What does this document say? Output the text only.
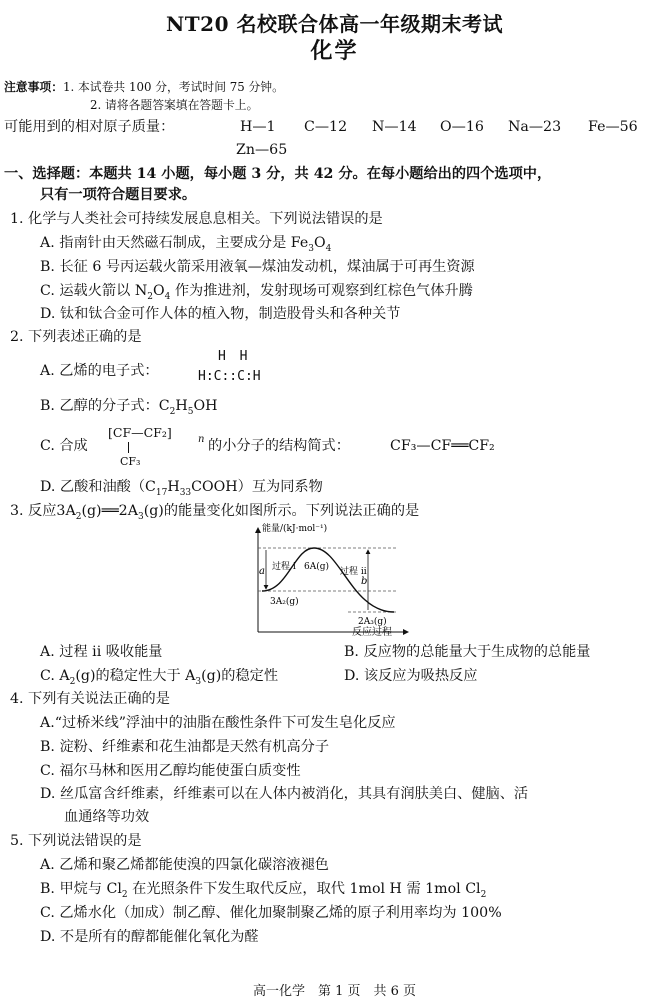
NT20 名校联合体高一年级期末考试
化学
注意事项：1. 本试卷共 100 分，考试时间 75 分钟。
2. 请将各题答案填在答题卡上。
可能用到的相对原子质量：	H—1 C—12 N—14 O—16 Na—23 Fe—56
Zn—65
一、选择题：本题共 14 小题，每小题 3 分，共 42 分。在每小题给出的四个选项中，
只有一项符合题目要求。
1. 化学与人类社会可持续发展息息相关。下列说法错误的是
A. 指南针由天然磁石制成，主要成分是 $Fe_3O_4$
B. 长征 6 号丙运载火箭采用液氧—煤油发动机，煤油属于可再生资源
C. 运载火箭以 $N_2O_4$ 作为推进剂，发射现场可观察到红棕色气体升腾
D. 钛和钛合金可作人体的植入物，制造股骨头和各种关节
2. 下列表述正确的是
A. 乙烯的电子式：
H H
H:C::C:H
B. 乙醇的分子式：$C_2H_5OH$
C. 合成
[CF—CF₂]	n
CF₃
的小分子的结构简式：	CF₃—CF══CF₂
D. 乙酸和油酸$(C_{17}H_{33}COOH)$互为同系物
3. 反应$3A_2(g)══2A_3(g)$的能量变化如图所示。下列说法正确的是
能量/(kJ·mol⁻¹)
a
b
过程 i 6A(g) 过程 ii
3A₂(g)
2A₃(g)
反应过程
A. 过程 ii 吸收能量	B. 反应物的总能量大于生成物的总能量
C. $A_2(g)$的稳定性大于 $A_3(g)$的稳定性	D. 该反应为吸热反应
4. 下列有关说法正确的是
A.“过桥米线”浮油中的油脂在酸性条件下可发生皂化反应
B. 淀粉、纤维素和花生油都是天然有机高分子
C. 福尔马林和医用乙醇均能使蛋白质变性
D. 丝瓜富含纤维素，纤维素可以在人体内被消化，其具有润肤美白、健脑、活
血通络等功效
5. 下列说法错误的是
A. 乙烯和聚乙烯都能使溴的四氯化碳溶液褪色
B. 甲烷与 $Cl_2$ 在光照条件下发生取代反应，取代 1mol H 需 1mol $Cl_2$
C. 乙烯水化（加成）制乙醇、催化加聚制聚乙烯的原子利用率均为 100%
D. 不是所有的醇都能催化氧化为醛
高一化学　第 1 页　共 6 页
